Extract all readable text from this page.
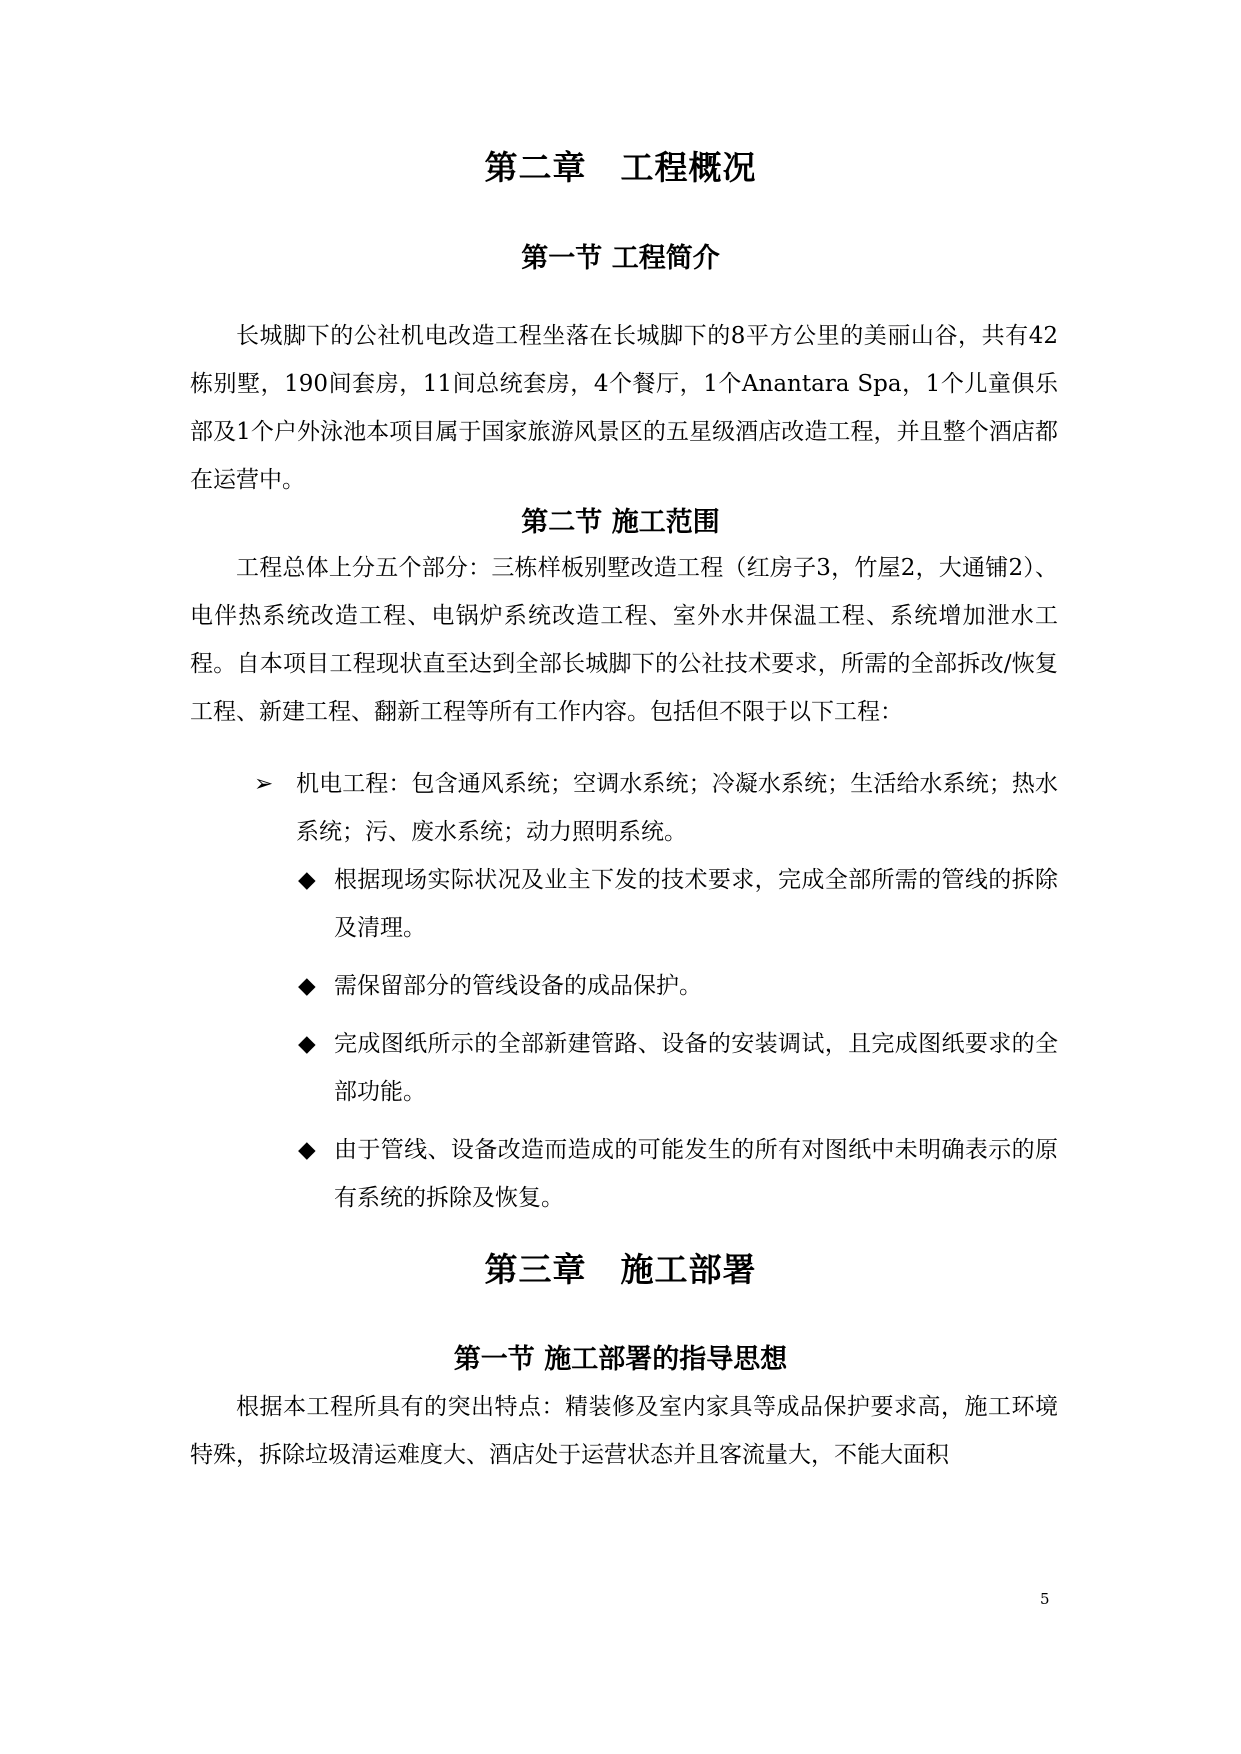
第二章　工程概况
第一节 工程简介

长城脚下的公社机电改造工程坐落在长城脚下的8平方公里的美丽山谷，共有42栋别墅，190间套房，11间总统套房，4个餐厅，1个Anantara Spa，1个儿童俱乐部及1个户外泳池本项目属于国家旅游风景区的五星级酒店改造工程，并且整个酒店都在运营中。

第二节 施工范围

工程总体上分五个部分：三栋样板别墅改造工程（红房子3，竹屋2，大通铺2）、电伴热系统改造工程、电锅炉系统改造工程、室外水井保温工程、系统增加泄水工程。自本项目工程现状直至达到全部长城脚下的公社技术要求，所需的全部拆改/恢复工程、新建工程、翻新工程等所有工作内容。包括但不限于以下工程：

➢ 机电工程：包含通风系统；空调水系统；冷凝水系统；生活给水系统；热水系统；污、废水系统；动力照明系统。
◆ 根据现场实际状况及业主下发的技术要求，完成全部所需的管线的拆除及清理。
◆ 需保留部分的管线设备的成品保护。
◆ 完成图纸所示的全部新建管路、设备的安装调试，且完成图纸要求的全部功能。
◆ 由于管线、设备改造而造成的可能发生的所有对图纸中未明确表示的原有系统的拆除及恢复。
第三章　施工部署
第一节 施工部署的指导思想

根据本工程所具有的突出特点：精装修及室内家具等成品保护要求高，施工环境特殊，拆除垃圾清运难度大、酒店处于运营状态并且客流量大，不能大面积

5
